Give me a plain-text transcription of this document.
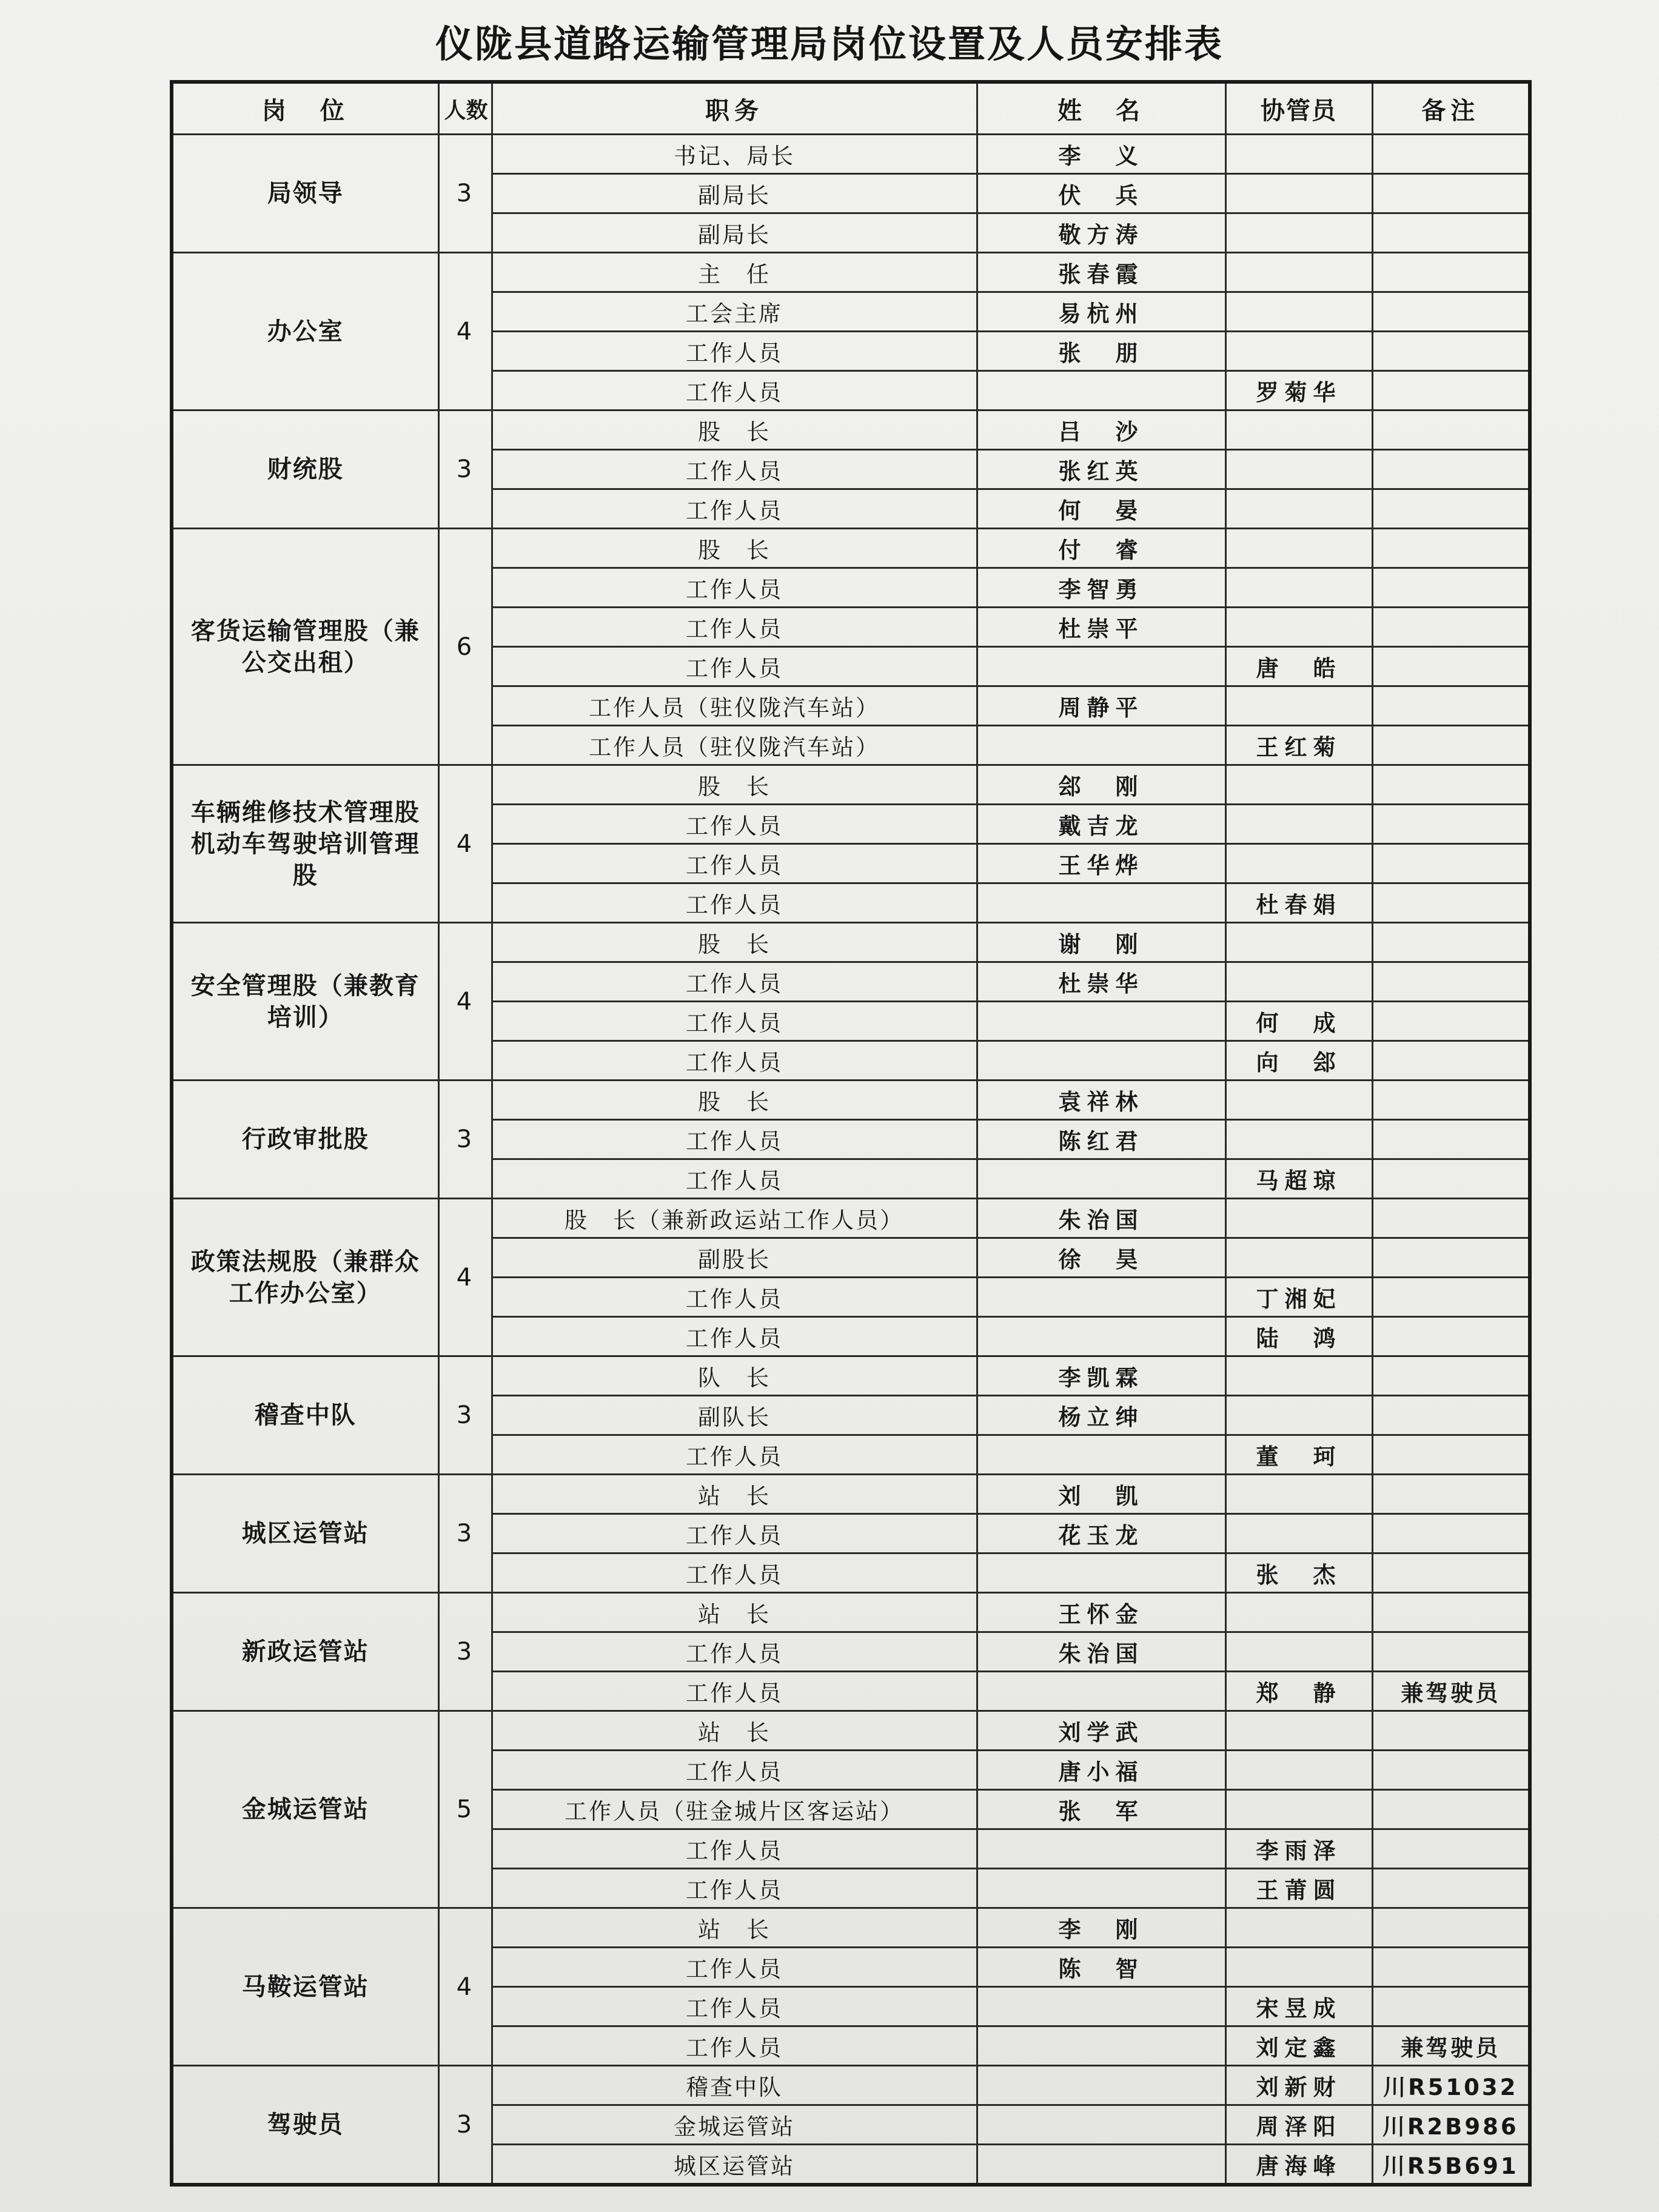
仪陇县道路运输管理局岗位设置及人员安排表
岗　位	人数	职务	姓　名	协管员	备注
局领导	3	书记、局长	李　义		
		副局长	伏　兵		
		副局长	敬方涛		
办公室	4	主　任	张春霞		
		工会主席	易杭州		
		工作人员	张　朋		
		工作人员		罗菊华	
财统股	3	股　长	吕　沙		
		工作人员	张红英		
		工作人员	何　晏		
客货运输管理股（兼公交出租）	6	股　长	付　睿		
		工作人员	李智勇		
		工作人员	杜崇平		
		工作人员		唐　皓	
		工作人员（驻仪陇汽车站）	周静平		
		工作人员（驻仪陇汽车站）		王红菊	
车辆维修技术管理股 机动车驾驶培训管理股	4	股　长	郐　刚		
		工作人员	戴吉龙		
		工作人员	王华烨		
		工作人员		杜春娟	
安全管理股（兼教育培训）	4	股　长	谢　刚		
		工作人员	杜崇华		
		工作人员		何　成	
		工作人员		向　郐	
行政审批股	3	股　长	袁祥林		
		工作人员	陈红君		
		工作人员		马超琼	
政策法规股（兼群众工作办公室）	4	股　长（兼新政运站工作人员）	朱治国		
		副股长	徐　昊		
		工作人员		丁湘妃	
		工作人员		陆　鸿	
稽查中队	3	队　长	李凯霖		
		副队长	杨立绅		
		工作人员		董　珂	
城区运管站	3	站　长	刘　凯		
		工作人员	花玉龙		
		工作人员		张　杰	
新政运管站	3	站　长	王怀金		
		工作人员	朱治国		
		工作人员		郑　静	兼驾驶员
金城运管站	5	站　长	刘学武		
		工作人员	唐小福		
		工作人员（驻金城片区客运站）	张　军		
		工作人员		李雨泽	
		工作人员		王莆圆	
马鞍运管站	4	站　长	李　刚		
		工作人员	陈　智		
		工作人员		宋昱成	
		工作人员		刘定鑫	兼驾驶员
驾驶员	3	稽查中队		刘新财	川R51032
		金城运管站		周泽阳	川R2B986
		城区运管站		唐海峰	川R5B691
